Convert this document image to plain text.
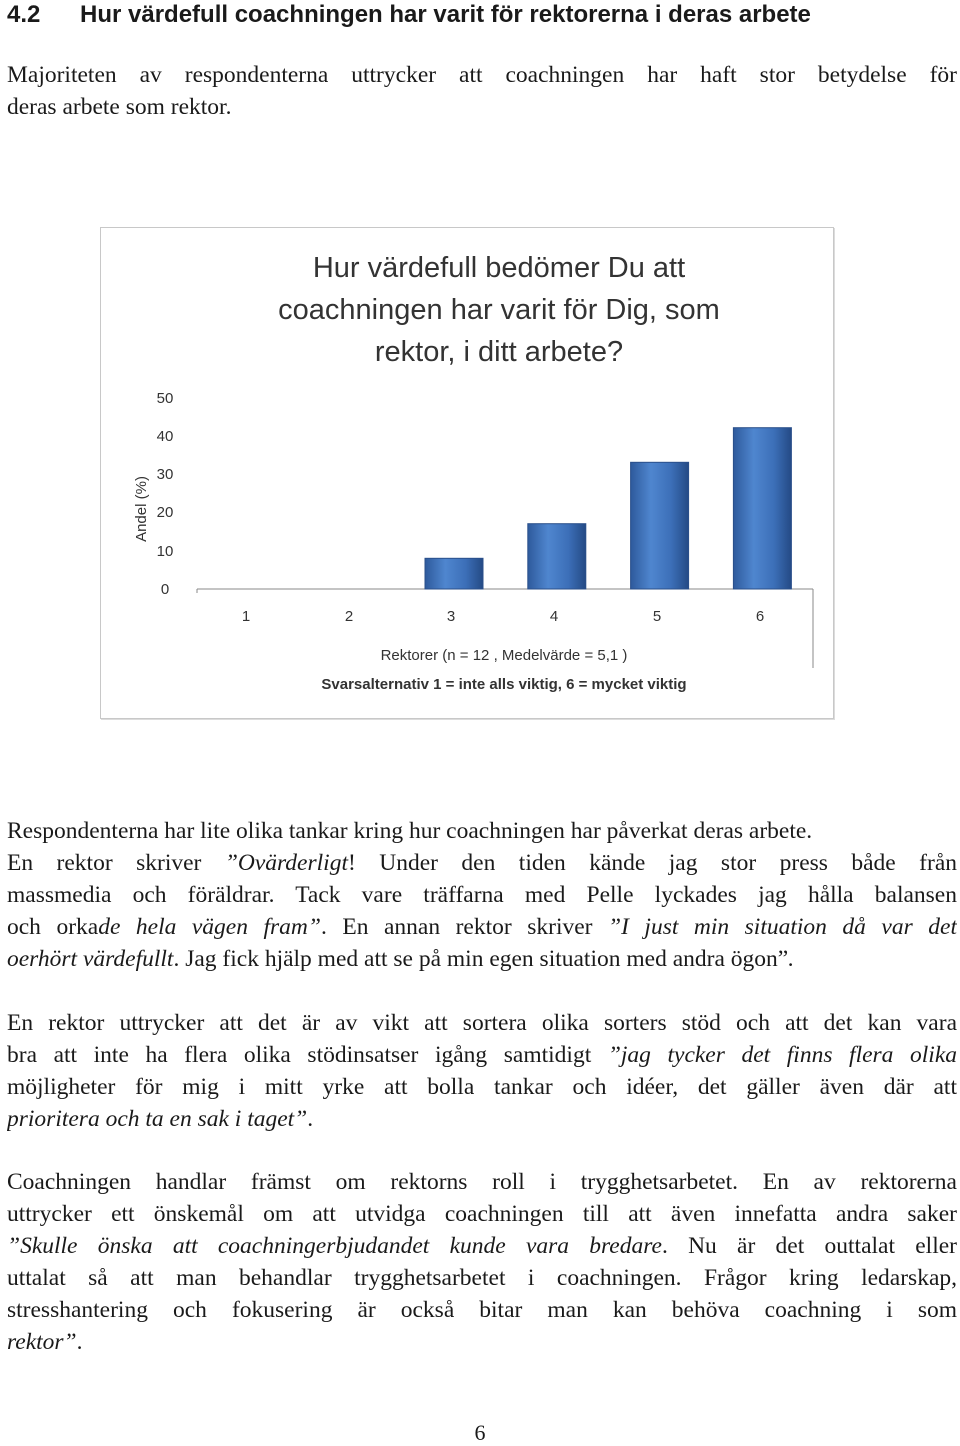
4.2 Hur värdefull coachningen har varit för rektorerna i deras arbete

Majoriteten av respondenterna uttrycker att coachningen har haft stor betydelse för
deras arbete som rektor.

Hur värdefull bedömer Du att
coachningen har varit för Dig, som
rektor, i ditt arbete?
Andel (%)
50
40
30
20
10
0
1	2	3	4	5	6
Rektorer (n = 12 , Medelvärde = 5,1 )
Svarsalternativ 1 = inte alls viktig, 6 = mycket viktig

Respondenterna har lite olika tankar kring hur coachningen har påverkat deras arbete.
En rektor skriver ”Ovärderligt! Under den tiden kände jag stor press både från
massmedia och föräldrar. Tack vare träffarna med Pelle lyckades jag hålla balansen
och orkade hela vägen fram”. En annan rektor skriver ”I just min situation då var det
oerhört värdefullt. Jag fick hjälp med att se på min egen situation med andra ögon”.

En rektor uttrycker att det är av vikt att sortera olika sorters stöd och att det kan vara
bra att inte ha flera olika stödinsatser igång samtidigt ”jag tycker det finns flera olika
möjligheter för mig i mitt yrke att bolla tankar och idéer, det gäller även där att
prioritera och ta en sak i taget”.

Coachningen handlar främst om rektorns roll i trygghetsarbetet. En av rektorerna
uttrycker ett önskemål om att utvidga coachningen till att även innefatta andra saker
”Skulle önska att coachningerbjudandet kunde vara bredare. Nu är det outtalat eller
uttalat så att man behandlar trygghetsarbetet i coachningen. Frågor kring ledarskap,
stresshantering och fokusering är också bitar man kan behöva coachning i som
rektor”.

6
